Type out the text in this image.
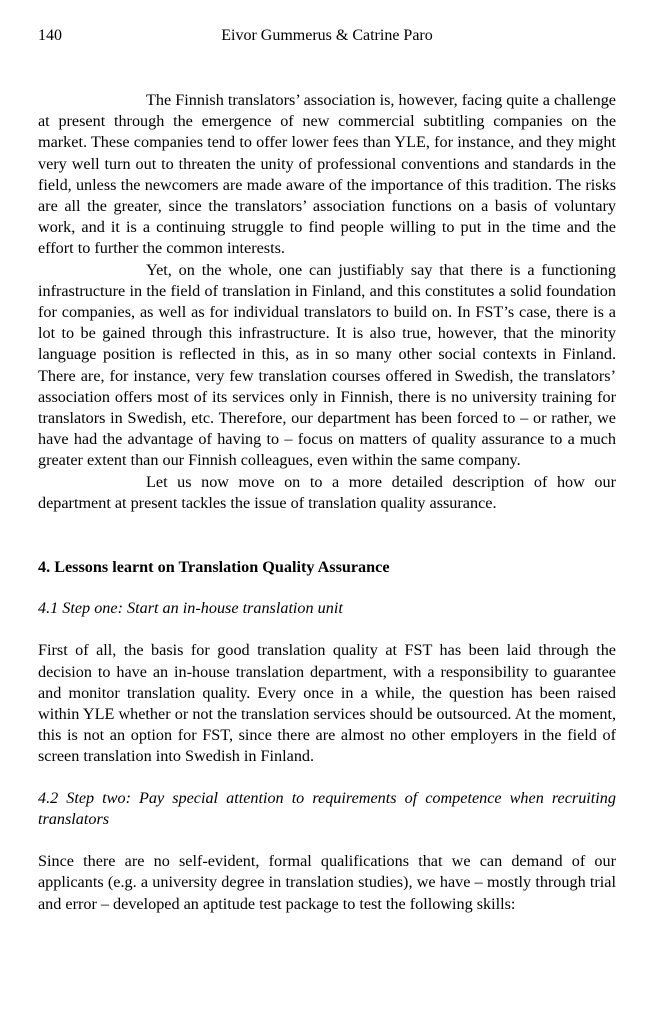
140	Eivor Gummerus & Catrine Paro

The Finnish translators’ association is, however, facing quite a challenge at present through the emergence of new commercial subtitling companies on the market. These companies tend to offer lower fees than YLE, for instance, and they might very well turn out to threaten the unity of professional conventions and standards in the field, unless the newcomers are made aware of the importance of this tradition. The risks are all the greater, since the translators’ association functions on a basis of voluntary work, and it is a continuing struggle to find people willing to put in the time and the effort to further the common interests.

Yet, on the whole, one can justifiably say that there is a functioning infrastructure in the field of translation in Finland, and this constitutes a solid foundation for companies, as well as for individual translators to build on. In FST’s case, there is a lot to be gained through this infrastructure. It is also true, however, that the minority language position is reflected in this, as in so many other social contexts in Finland. There are, for instance, very few translation courses offered in Swedish, the translators’ association offers most of its services only in Finnish, there is no university training for translators in Swedish, etc. Therefore, our department has been forced to – or rather, we have had the advantage of having to – focus on matters of quality assurance to a much greater extent than our Finnish colleagues, even within the same company.

Let us now move on to a more detailed description of how our department at present tackles the issue of translation quality assurance.

4. Lessons learnt on Translation Quality Assurance

4.1 Step one: Start an in-house translation unit

First of all, the basis for good translation quality at FST has been laid through the decision to have an in-house translation department, with a responsibility to guarantee and monitor translation quality. Every once in a while, the question has been raised within YLE whether or not the translation services should be outsourced. At the moment, this is not an option for FST, since there are almost no other employers in the field of screen translation into Swedish in Finland.

4.2 Step two: Pay special attention to requirements of competence when recruiting translators

Since there are no self-evident, formal qualifications that we can demand of our applicants (e.g. a university degree in translation studies), we have – mostly through trial and error – developed an aptitude test package to test the following skills:
